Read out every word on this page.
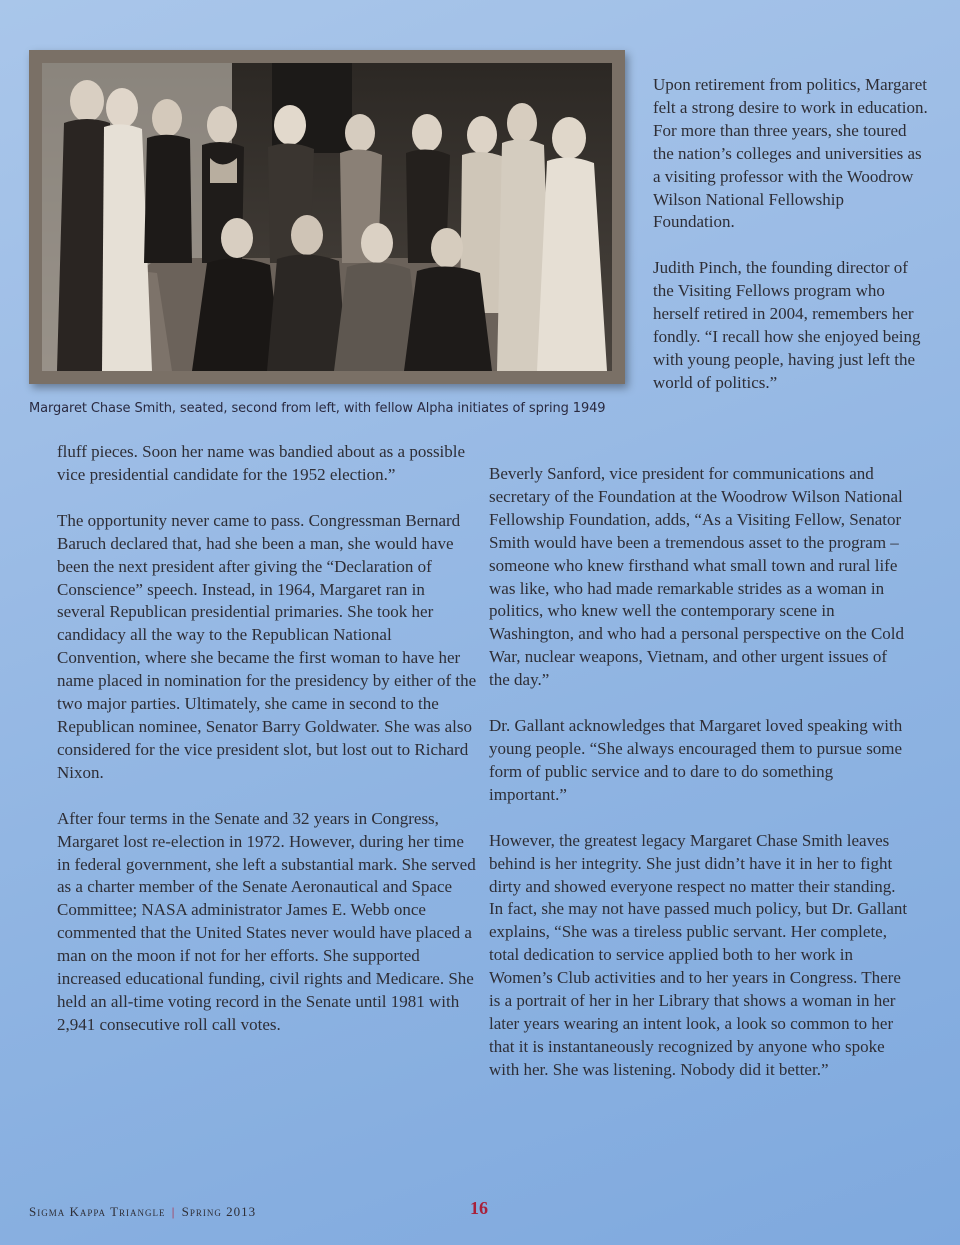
Margaret Chase Smith, seated, second from left, with fellow Alpha initiates of spring 1949

Upon retirement from politics, Margaret felt a strong desire to work in education. For more than three years, she toured the nation’s colleges and universities as a visiting professor with the Woodrow Wilson National Fellowship Foundation.

Judith Pinch, the founding director of the Visiting Fellows program who herself retired in 2004, remembers her fondly. “I recall how she enjoyed being with young people, having just left the world of politics.”

fluff pieces. Soon her name was bandied about as a possible vice presidential candidate for the 1952 election.”

The opportunity never came to pass. Congressman Bernard Baruch declared that, had she been a man, she would have been the next president after giving the “Declaration of Conscience” speech. Instead, in 1964, Margaret ran in several Republican presidential primaries. She took her candidacy all the way to the Republican National Convention, where she became the first woman to have her name placed in nomination for the presidency by either of the two major parties. Ultimately, she came in second to the Republican nominee, Senator Barry Goldwater. She was also considered for the vice president slot, but lost out to Richard Nixon.

After four terms in the Senate and 32 years in Congress, Margaret lost re-election in 1972. However, during her time in federal government, she left a substantial mark. She served as a charter member of the Senate Aeronautical and Space Committee; NASA administrator James E. Webb once commented that the United States never would have placed a man on the moon if not for her efforts. She supported increased educational funding, civil rights and Medicare. She held an all-time voting record in the Senate until 1981 with 2,941 consecutive roll call votes.

Beverly Sanford, vice president for communications and secretary of the Foundation at the Woodrow Wilson National Fellowship Foundation, adds, “As a Visiting Fellow, Senator Smith would have been a tremendous asset to the program – someone who knew firsthand what small town and rural life was like, who had made remarkable strides as a woman in politics, who knew well the contemporary scene in Washington, and who had a personal perspective on the Cold War, nuclear weapons, Vietnam, and other urgent issues of the day.”

Dr. Gallant acknowledges that Margaret loved speaking with young people. “She always encouraged them to pursue some form of public service and to dare to do something important.”

However, the greatest legacy Margaret Chase Smith leaves behind is her integrity. She just didn’t have it in her to fight dirty and showed everyone respect no matter their standing. In fact, she may not have passed much policy, but Dr. Gallant explains, “She was a tireless public servant. Her complete, total dedication to service applied both to her work in Women’s Club activities and to her years in Congress. There is a portrait of her in her Library that shows a woman in her later years wearing an intent look, a look so common to her that it is instantaneously recognized by anyone who spoke with her. She was listening. Nobody did it better.”

Sigma Kappa Triangle | Spring 2013	16
